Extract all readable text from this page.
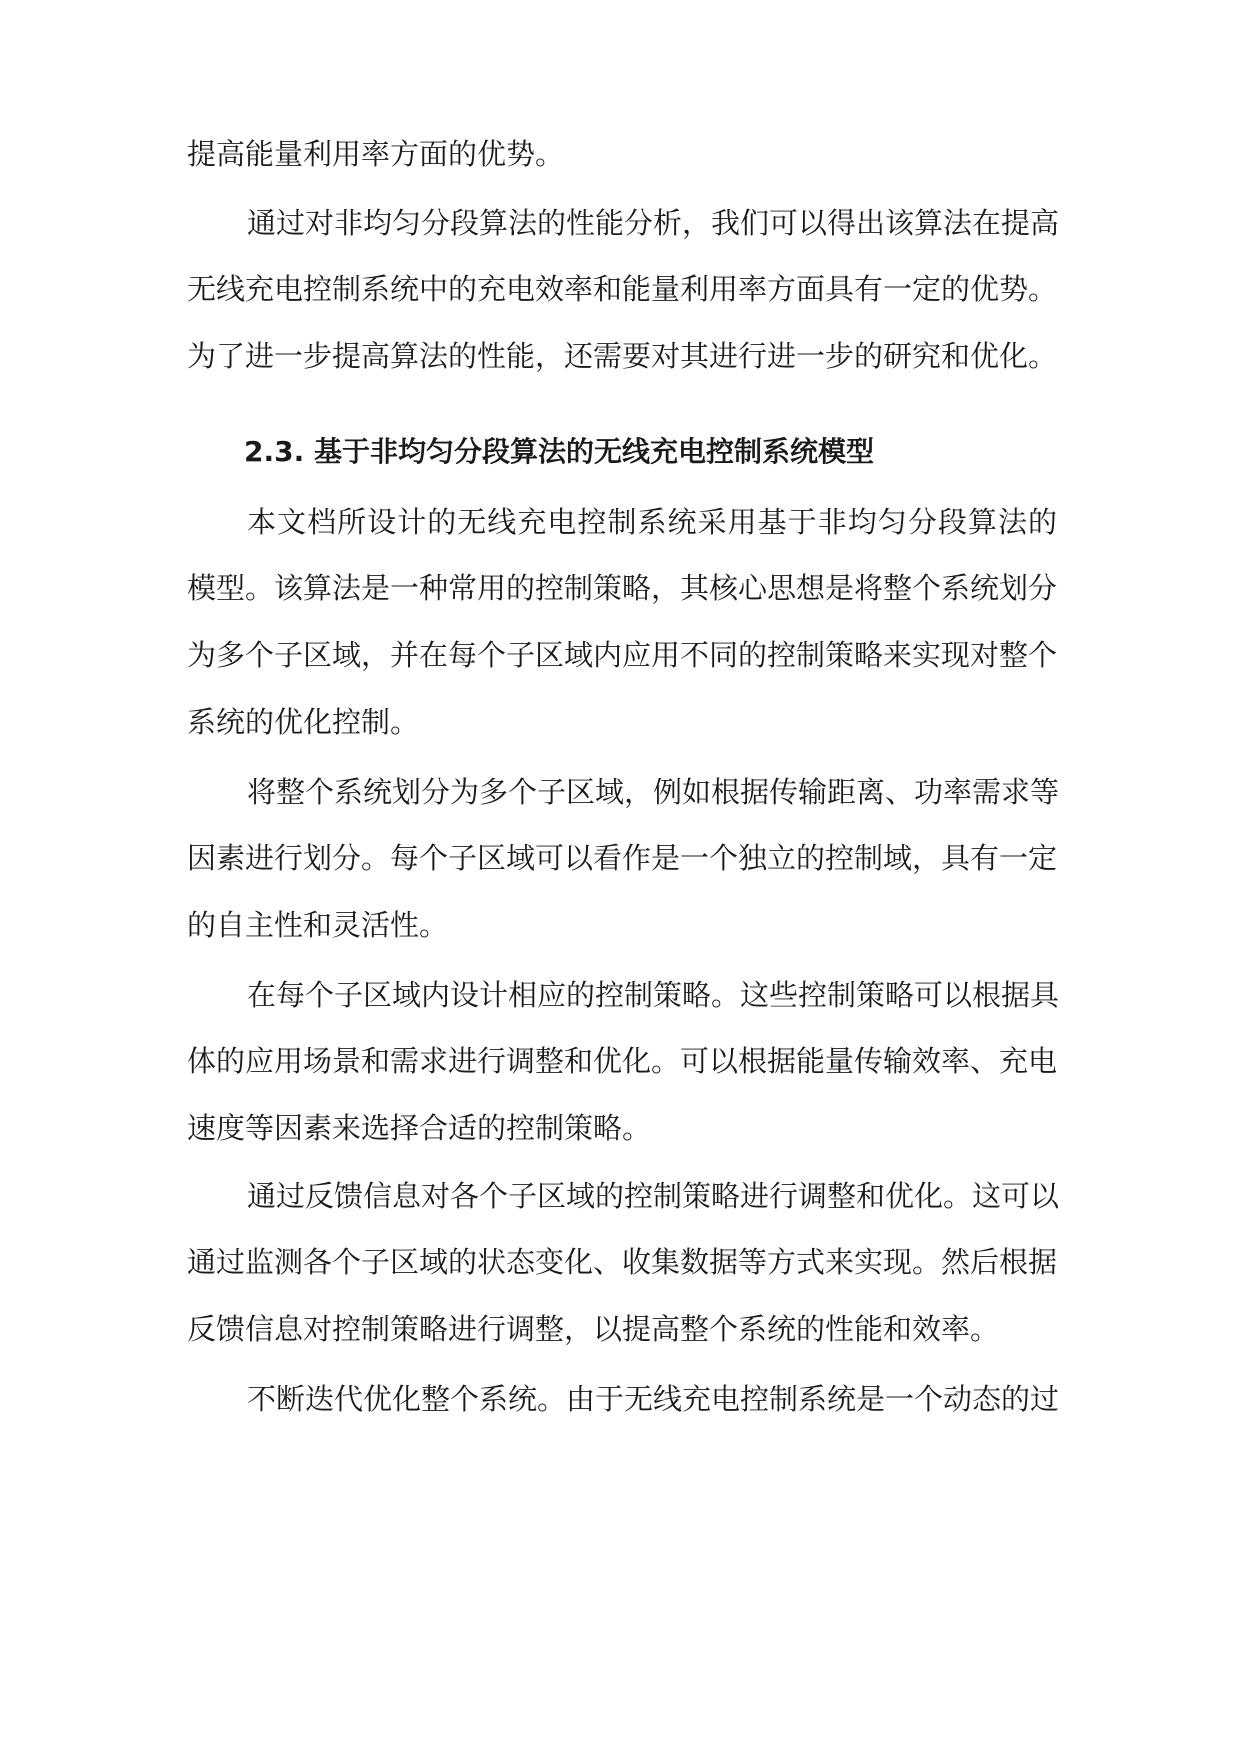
提高能量利用率方面的优势。
通过对非均匀分段算法的性能分析，我们可以得出该算法在提高
无线充电控制系统中的充电效率和能量利用率方面具有一定的优势。
为了进一步提高算法的性能，还需要对其进行进一步的研究和优化。
2.3. 基于非均匀分段算法的无线充电控制系统模型
本文档所设计的无线充电控制系统采用基于非均匀分段算法的
模型。该算法是一种常用的控制策略，其核心思想是将整个系统划分
为多个子区域，并在每个子区域内应用不同的控制策略来实现对整个
系统的优化控制。
将整个系统划分为多个子区域，例如根据传输距离、功率需求等
因素进行划分。每个子区域可以看作是一个独立的控制域，具有一定
的自主性和灵活性。
在每个子区域内设计相应的控制策略。这些控制策略可以根据具
体的应用场景和需求进行调整和优化。可以根据能量传输效率、充电
速度等因素来选择合适的控制策略。
通过反馈信息对各个子区域的控制策略进行调整和优化。这可以
通过监测各个子区域的状态变化、收集数据等方式来实现。然后根据
反馈信息对控制策略进行调整，以提高整个系统的性能和效率。
不断迭代优化整个系统。由于无线充电控制系统是一个动态的过
